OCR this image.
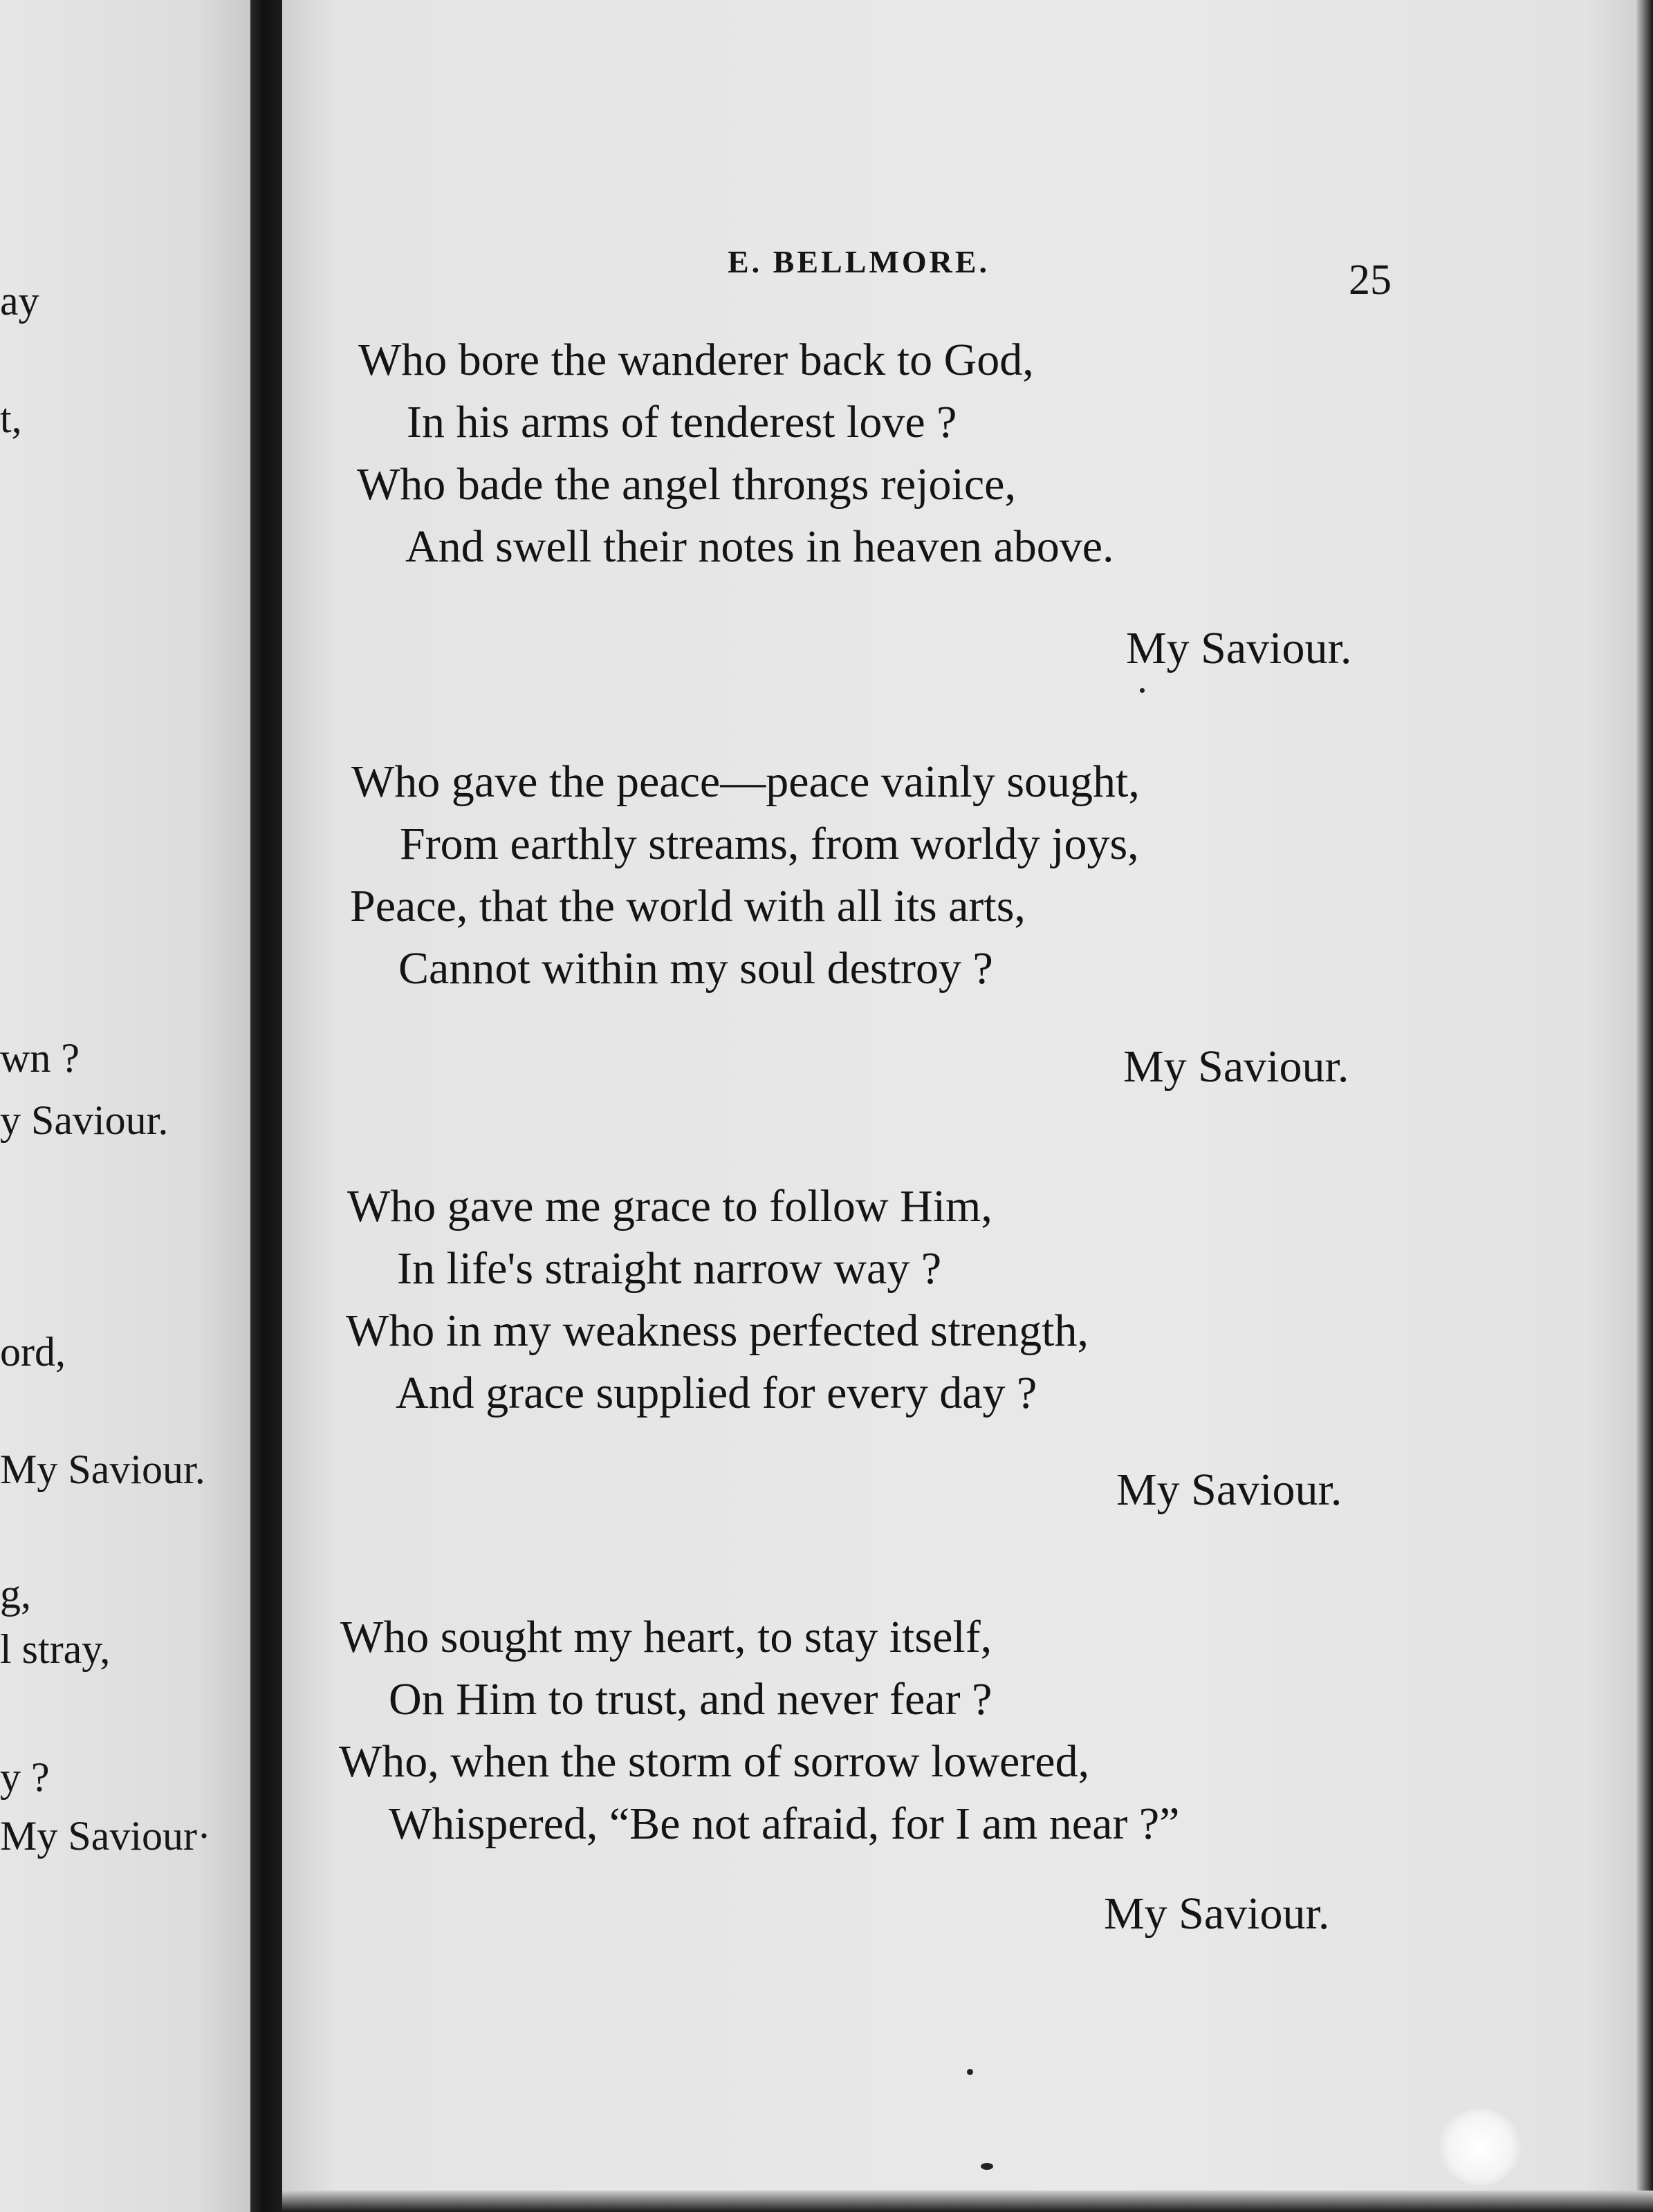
ay
t,
wn ?
y Saviour.
ord,
My Saviour.
g,
l stray,
y ?
My Saviour·
E. BELLMORE.	25
Who bore the wanderer back to God,
In his arms of tenderest love ?
Who bade the angel throngs rejoice,
And swell their notes in heaven above.
My Saviour.
Who gave the peace—peace vainly sought,
From earthly streams, from worldy joys,
Peace, that the world with all its arts,
Cannot within my soul destroy ?
My Saviour.
Who gave me grace to follow Him,
In life's straight narrow way ?
Who in my weakness perfected strength,
And grace supplied for every day ?
My Saviour.
Who sought my heart, to stay itself,
On Him to trust, and never fear ?
Who, when the storm of sorrow lowered,
Whispered, “Be not afraid, for I am near ?”
My Saviour.
